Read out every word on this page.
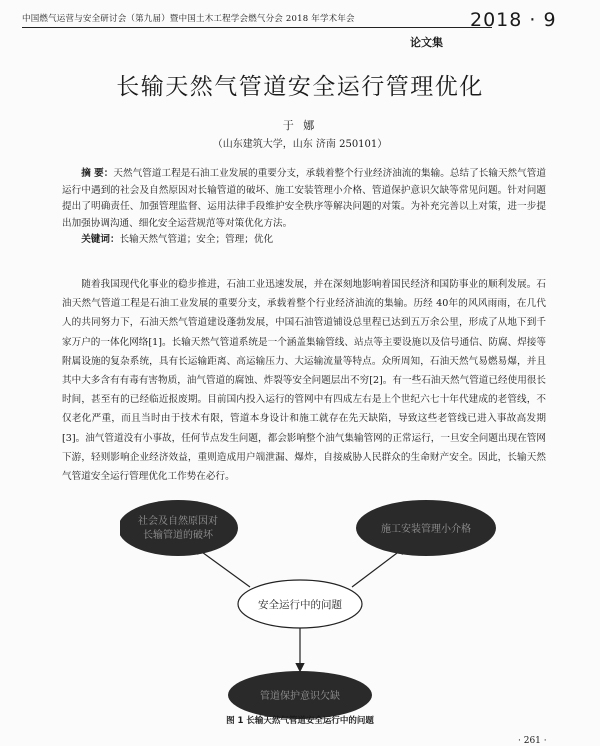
中国燃气运营与安全研讨会（第九届）暨中国土木工程学会燃气分会 2018 年学术年会	2018 · 9
论文集
长输天然气管道安全运行管理优化
于 娜
（山东建筑大学，山东 济南 250101）
摘 要：天然气管道工程是石油工业发展的重要分支，承载着整个行业经济油流的集输。总结了长输天然气管道运行中遇到的社会及自然原因对长输管道的破坏、施工安装管理小介格、管道保护意识欠缺等常见问题。针对问题提出了明确责任、加强管理监督、运用法律手段维护安全秩序等解决问题的对策。为补充完善以上对策，进一步提出加强协调沟通、细化安全运营规范等对策优化方法。
关键词：长输天然气管道；安全；管理；优化
随着我国现代化事业的稳步推进，石油工业迅速发展，并在深刻地影响着国民经济和国防事业的顺利发展。石油天然气管道工程是石油工业发展的重要分支，承载着整个行业经济油流的集输。历经 40年的风风雨雨，在几代人的共同努力下，石油天然气管道建设蓬勃发展，中国石油管道铺设总里程已达到五万余公里，形成了从地下到千家万户的一体化网络[1]。长输天然气管道系统是一个涵盖集输管线、站点等主要设施以及信号通信、防腐、焊接等附属设施的复杂系统，具有长运输距离、高运输压力、大运输流量等特点。众所周知，石油天然气易燃易爆，并且其中大多含有有毒有害物质，油气管道的腐蚀、炸裂等安全问题层出不穷[2]。有一些石油天然气管道已经使用很长时间，甚至有的已经临近报废期。目前国内投入运行的管网中有四成左右是上个世纪六七十年代建成的老管线，不仅老化严重，而且当时由于技术有限，管道本身设计和施工就存在先天缺陷，导致这些老管线已进入事故高发期[3]。油气管道没有小事故，任何节点发生问题，都会影响整个油气集输管网的正常运行，一旦安全问题出现在管网下游，轻则影响企业经济效益，重则造成用户端泄漏、爆炸，自接威胁人民群众的生命财产安全。因此，长输天然气管道安全运行管理优化工作势在必行。
社会及自然原因对
长输管道的破坏
施工安装管理小介格
安全运行中的问题
管道保护意识欠缺
图 1 长输天然气管道安全运行中的问题
· 261 ·
